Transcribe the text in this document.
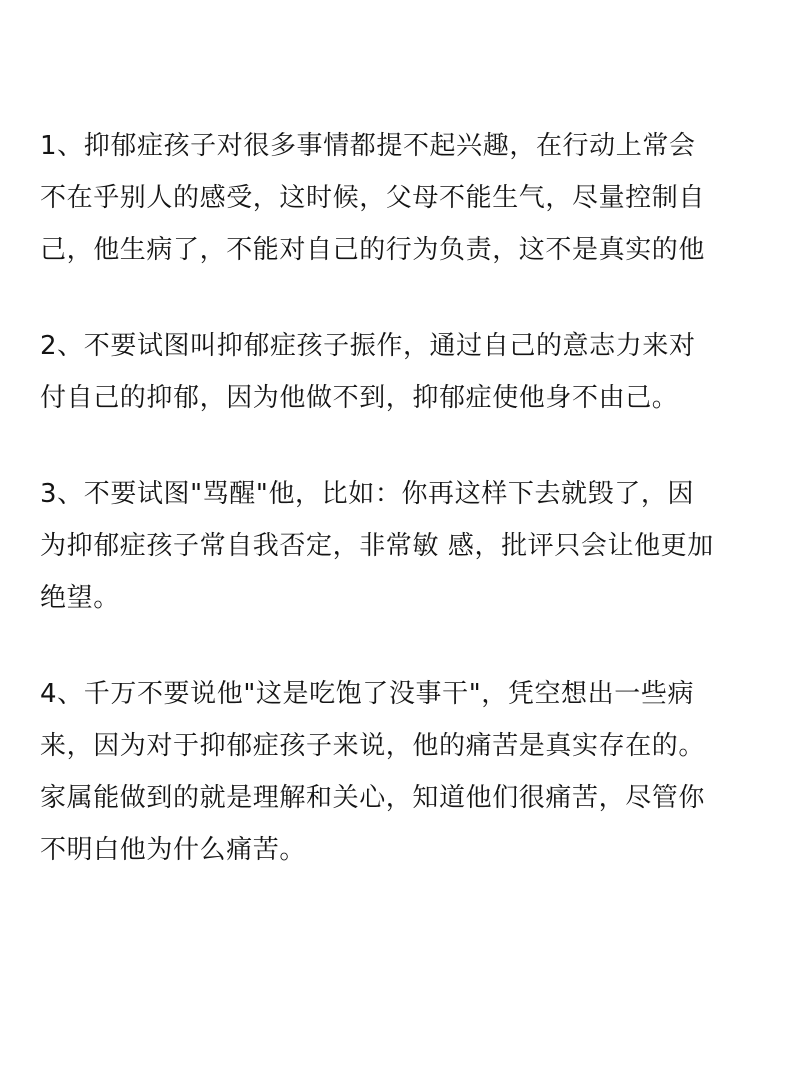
1、抑郁症孩子对很多事情都提不起兴趣，在行动上常会
不在乎别人的感受，这时候，父母不能生气，尽量控制自
己，他生病了，不能对自己的行为负责，这不是真实的他
2、不要试图叫抑郁症孩子振作，通过自己的意志力来对
付自己的抑郁，因为他做不到，抑郁症使他身不由己。
3、不要试图"骂醒"他，比如：你再这样下去就毁了，因
为抑郁症孩子常自我否定，非常敏 感，批评只会让他更加
绝望。
4、千万不要说他"这是吃饱了没事干"，凭空想出一些病
来，因为对于抑郁症孩子来说，他的痛苦是真实存在的。
家属能做到的就是理解和关心，知道他们很痛苦，尽管你
不明白他为什么痛苦。
